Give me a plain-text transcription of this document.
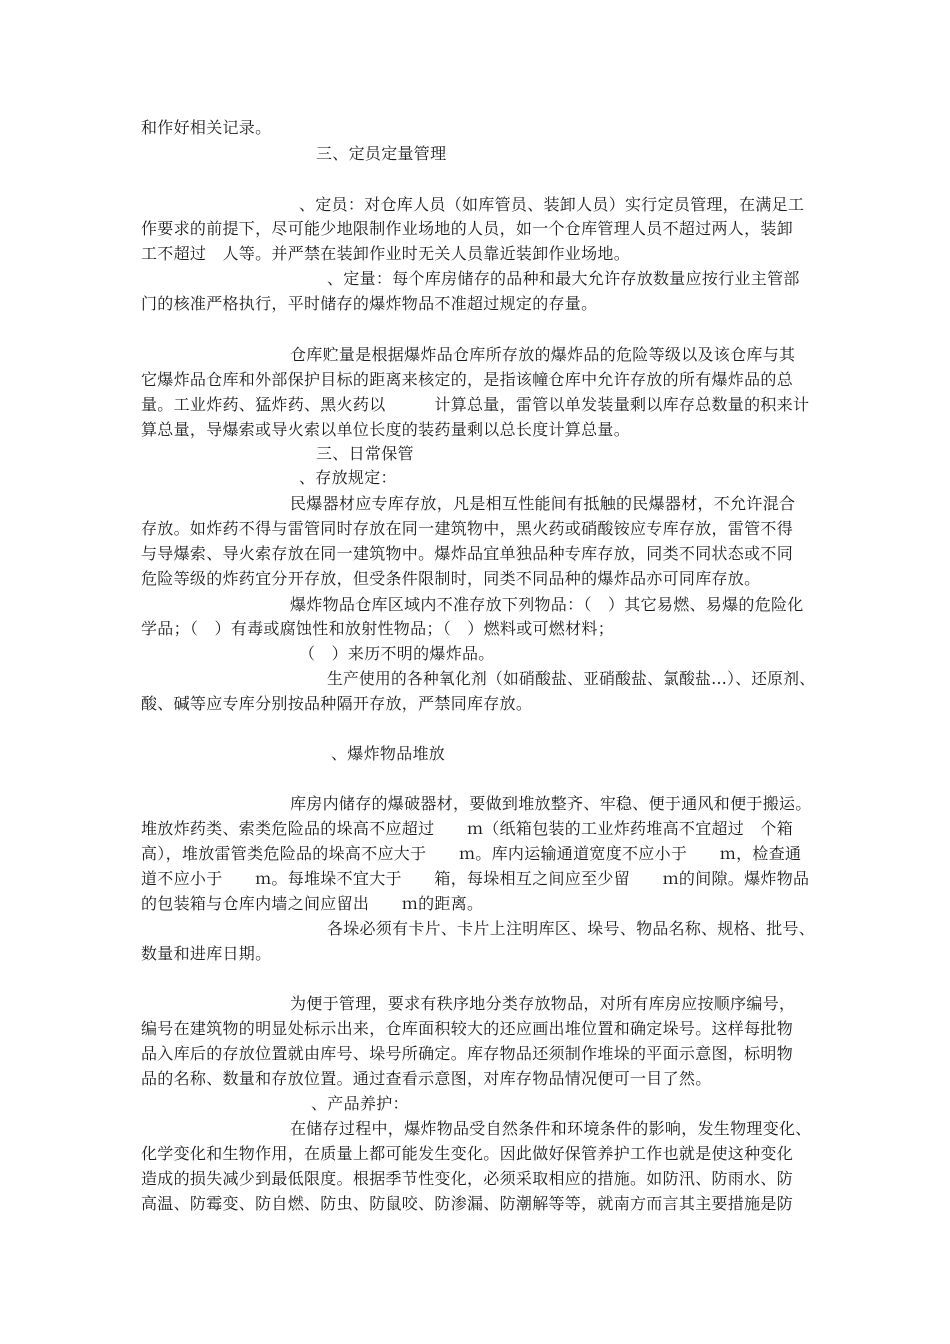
和作好相关记录。
三、定员定量管理
、定员：对仓库人员（如库管员、装卸人员）实行定员管理，在满足工
作要求的前提下，尽可能少地限制作业场地的人员，如一个仓库管理人员不超过两人，装卸
工不超过　人等。并严禁在装卸作业时无关人员靠近装卸作业场地。
、定量：每个库房储存的品种和最大允许存放数量应按行业主管部
门的核准严格执行，平时储存的爆炸物品不准超过规定的存量。
仓库贮量是根据爆炸品仓库所存放的爆炸品的危险等级以及该仓库与其
它爆炸品仓库和外部保护目标的距离来核定的，是指该幢仓库中允许存放的所有爆炸品的总
量。工业炸药、猛炸药、黑火药以　　　计算总量，雷管以单发装量剩以库存总数量的积来计
算总量，导爆索或导火索以单位长度的装药量剩以总长度计算总量。
三、日常保管
、存放规定：
民爆器材应专库存放，凡是相互性能间有抵触的民爆器材，不允许混合
存放。如炸药不得与雷管同时存放在同一建筑物中，黑火药或硝酸铵应专库存放，雷管不得
与导爆索、导火索存放在同一建筑物中。爆炸品宜单独品种专库存放，同类不同状态或不同
危险等级的炸药宜分开存放，但受条件限制时，同类不同品种的爆炸品亦可同库存放。
爆炸物品仓库区域内不准存放下列物品：（　）其它易燃、易爆的危险化
学品；（　）有毒或腐蚀性和放射性物品；（　）燃料或可燃材料；
（　）来历不明的爆炸品。
生产使用的各种氧化剂（如硝酸盐、亚硝酸盐、氯酸盐…）、还原剂、
酸、碱等应专库分别按品种隔开存放，严禁同库存放。
、爆炸物品堆放
库房内储存的爆破器材，要做到堆放整齐、牢稳、便于通风和便于搬运。
堆放炸药类、索类危险品的垛高不应超过　　ｍ（纸箱包装的工业炸药堆高不宜超过　个箱
高），堆放雷管类危险品的垛高不应大于　　ｍ。库内运输通道宽度不应小于　　ｍ，检查通
道不应小于　　ｍ。每堆垛不宜大于　　箱，每垛相互之间应至少留　　ｍ的间隙。爆炸物品
的包装箱与仓库内墙之间应留出　　ｍ的距离。
各垛必须有卡片、卡片上注明库区、垛号、物品名称、规格、批号、
数量和进库日期。
为便于管理，要求有秩序地分类存放物品，对所有库房应按顺序编号，
编号在建筑物的明显处标示出来，仓库面积较大的还应画出堆位置和确定垛号。这样每批物
品入库后的存放位置就由库号、垛号所确定。库存物品还须制作堆垛的平面示意图，标明物
品的名称、数量和存放位置。通过查看示意图，对库存物品情况便可一目了然。
、产品养护：
在储存过程中，爆炸物品受自然条件和环境条件的影响，发生物理变化、
化学变化和生物作用，在质量上都可能发生变化。因此做好保管养护工作也就是使这种变化
造成的损失减少到最低限度。根据季节性变化，必须采取相应的措施。如防汛、防雨水、防
高温、防霉变、防自燃、防虫、防鼠咬、防渗漏、防潮解等等，就南方而言其主要措施是防
